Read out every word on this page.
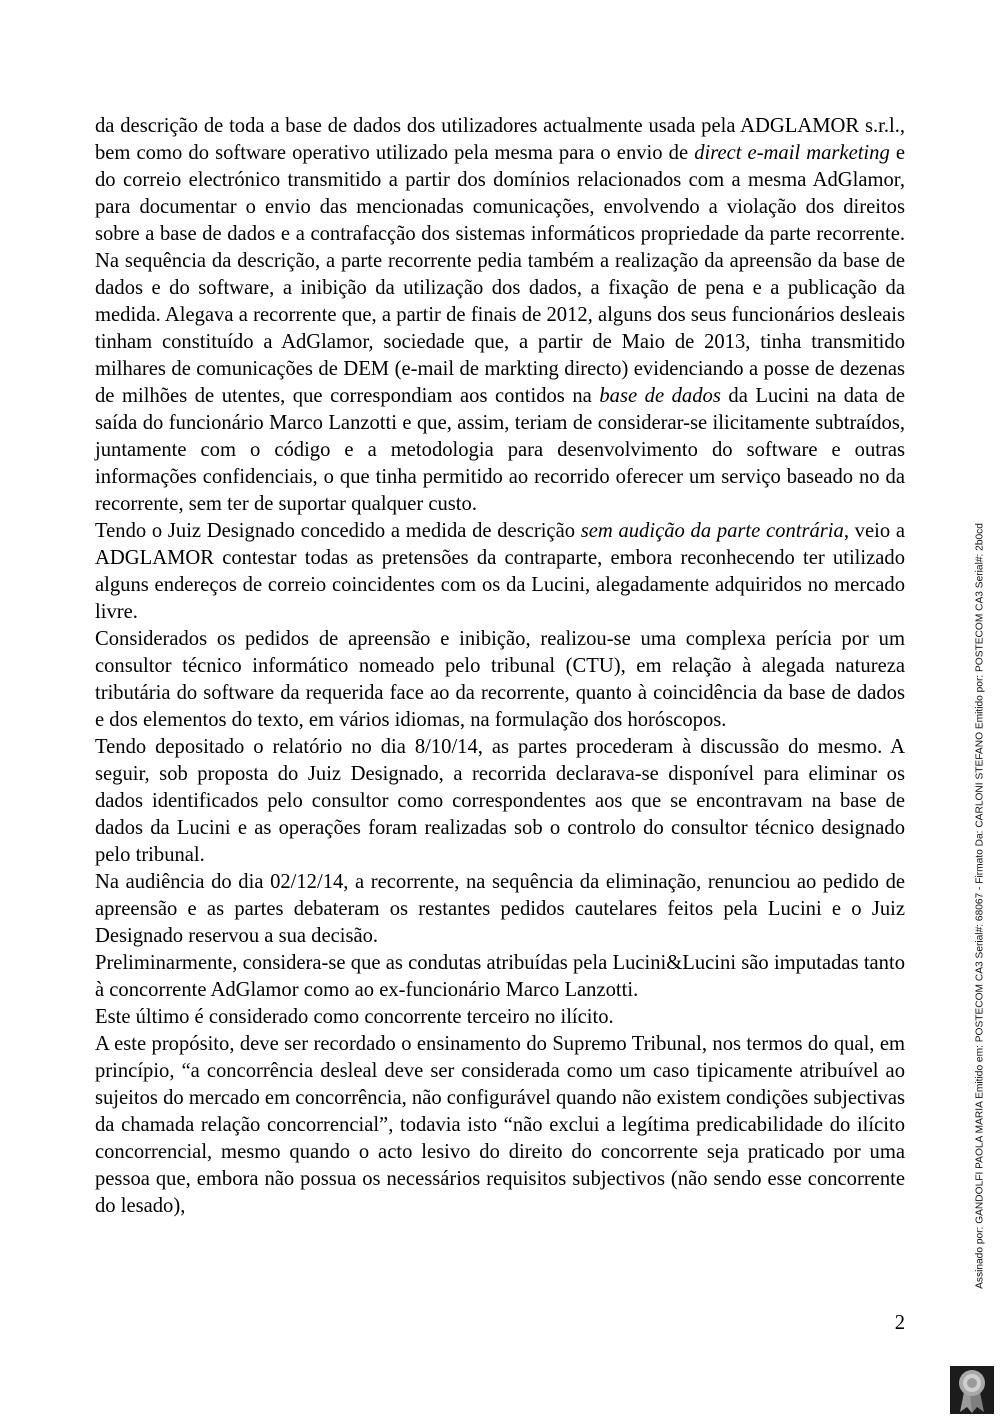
da descrição de toda a base de dados dos utilizadores actualmente usada pela ADGLAMOR s.r.l., bem como do software operativo utilizado pela mesma para o envio de direct e-mail marketing e do correio electrónico transmitido a partir dos domínios relacionados com a mesma AdGlamor, para documentar o envio das mencionadas comunicações, envolvendo a violação dos direitos sobre a base de dados e a contrafacção dos sistemas informáticos propriedade da parte recorrente. Na sequência da descrição, a parte recorrente pedia também a realização da apreensão da base de dados e do software, a inibição da utilização dos dados, a fixação de pena e a publicação da medida. Alegava a recorrente que, a partir de finais de 2012, alguns dos seus funcionários desleais tinham constituído a AdGlamor, sociedade que, a partir de Maio de 2013, tinha transmitido milhares de comunicações de DEM (e-mail de markting directo) evidenciando a posse de dezenas de milhões de utentes, que correspondiam aos contidos na base de dados da Lucini na data de saída do funcionário Marco Lanzotti e que, assim, teriam de considerar-se ilicitamente subtraídos, juntamente com o código e a metodologia para desenvolvimento do software e outras informações confidenciais, o que tinha permitido ao recorrido oferecer um serviço baseado no da recorrente, sem ter de suportar qualquer custo.

Tendo o Juiz Designado concedido a medida de descrição sem audição da parte contrária, veio a ADGLAMOR contestar todas as pretensões da contraparte, embora reconhecendo ter utilizado alguns endereços de correio coincidentes com os da Lucini, alegadamente adquiridos no mercado livre.

Considerados os pedidos de apreensão e inibição, realizou-se uma complexa perícia por um consultor técnico informático nomeado pelo tribunal (CTU), em relação à alegada natureza tributária do software da requerida face ao da recorrente, quanto à coincidência da base de dados e dos elementos do texto, em vários idiomas, na formulação dos horóscopos.

Tendo depositado o relatório no dia 8/10/14, as partes procederam à discussão do mesmo. A seguir, sob proposta do Juiz Designado, a recorrida declarava-se disponível para eliminar os dados identificados pelo consultor como correspondentes aos que se encontravam na base de dados da Lucini e as operações foram realizadas sob o controlo do consultor técnico designado pelo tribunal.

Na audiência do dia 02/12/14, a recorrente, na sequência da eliminação, renunciou ao pedido de apreensão e as partes debateram os restantes pedidos cautelares feitos pela Lucini e o Juiz Designado reservou a sua decisão.

Preliminarmente, considera-se que as condutas atribuídas pela Lucini&Lucini são imputadas tanto à concorrente AdGlamor como ao ex-funcionário Marco Lanzotti.

Este último é considerado como concorrente terceiro no ilícito.

A este propósito, deve ser recordado o ensinamento do Supremo Tribunal, nos termos do qual, em princípio, “a concorrência desleal deve ser considerada como um caso tipicamente atribuível ao sujeitos do mercado em concorrência, não configurável quando não existem condições subjectivas da chamada relação concorrencial”, todavia isto “não exclui a legítima predicabilidade do ilícito concorrencial, mesmo quando o acto lesivo do direito do concorrente seja praticado por uma pessoa que, embora não possua os necessários requisitos subjectivos (não sendo esse concorrente do lesado),

2
Assinado por: GANDOLFI PAOLA MARIA Emitido em: POSTECOM CA3 Serial#: 68067 - Firmato Da: CARLONI STEFANO Emitido por: POSTECOM CA3 Serial#: 2b0cd
